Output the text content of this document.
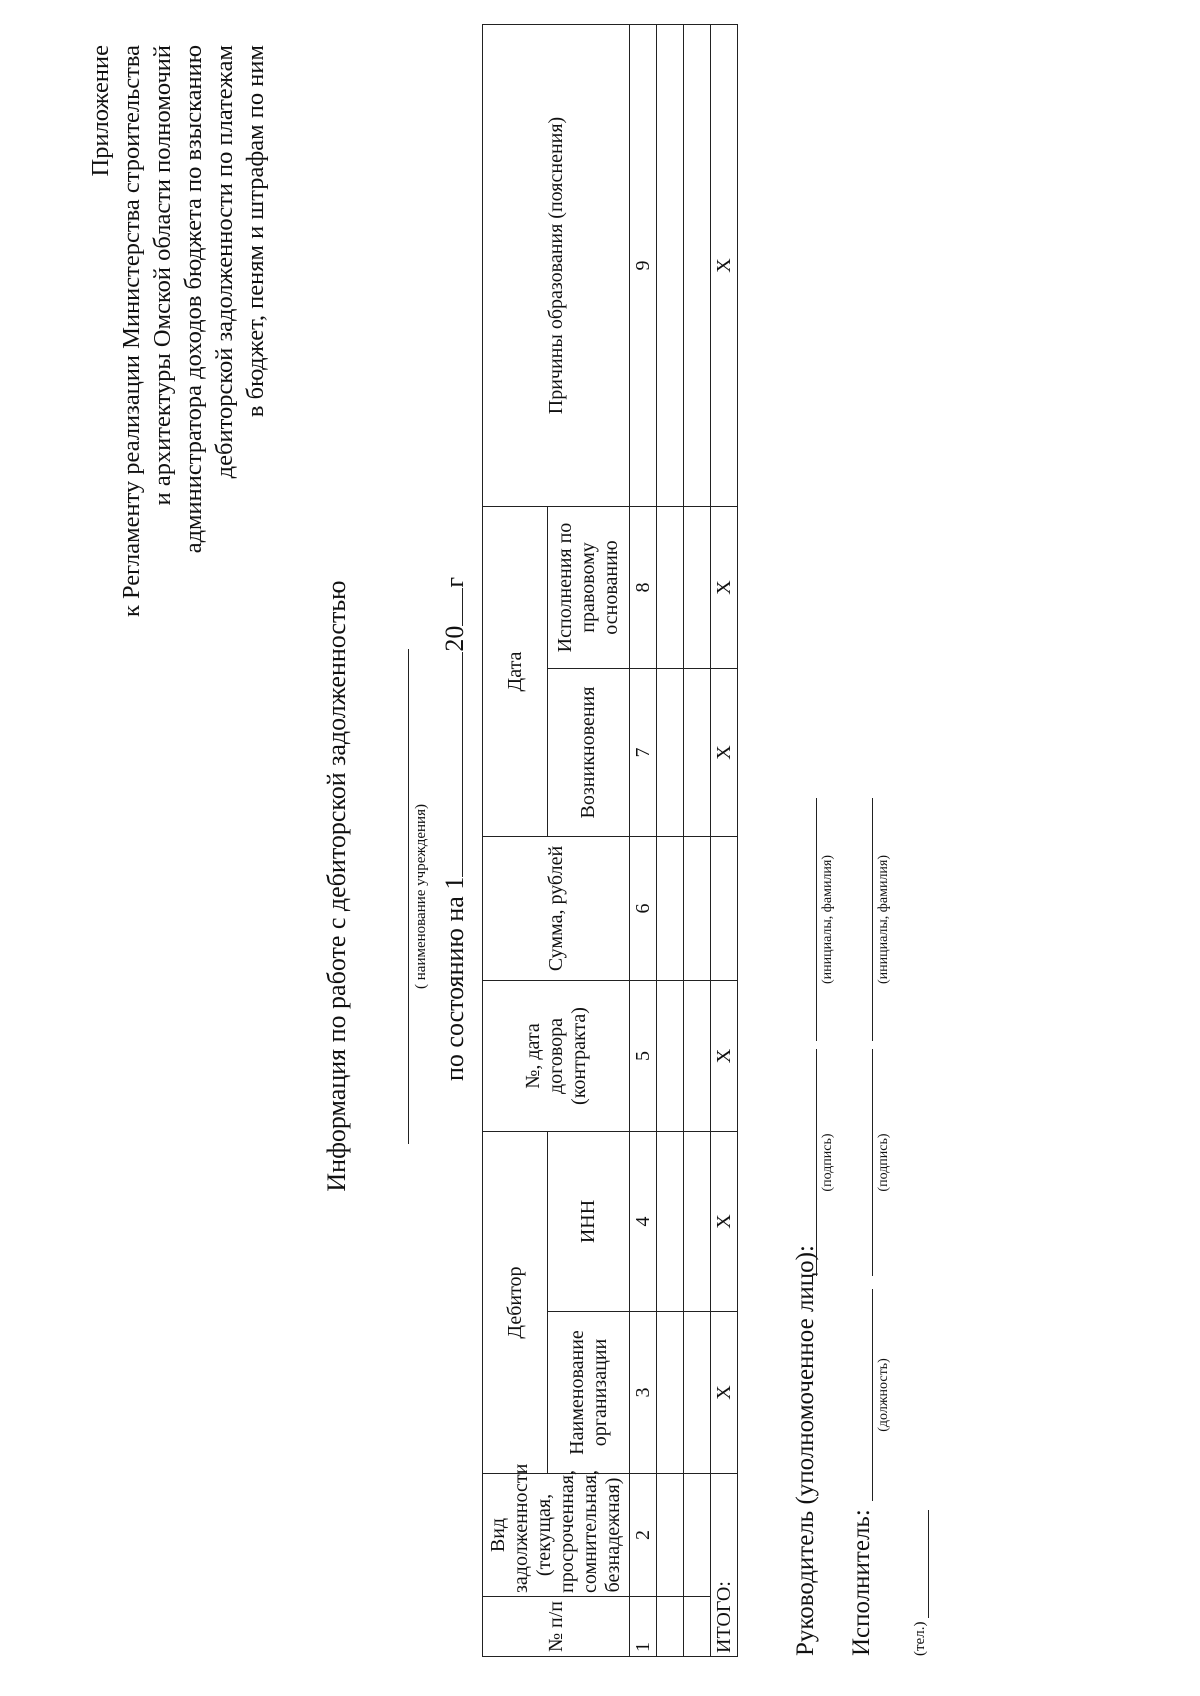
Приложение к Регламенту реализации Министерства строительства и архитектуры Омской области полномочий администратора доходов бюджета по взысканию дебиторской задолженности по платежам в бюджет, пеням и штрафам по ним
Информация по работе с дебиторской задолженностью	( наименование учреждения) по состоянию на 120г
№ п/п	Вид задолженности (текущая, просроченная, сомнительная, безнадежная)	Дебитор		№, дата договора (контракта)	Сумма, рублей	Дата		Причины образования (пояснения)
		Наименование организации	ИНН			Возникновения	Исполнения по правовому основанию	
1	2	3	4	5	6	7	8	9

ИТОГО:		X	X	X		X	X	X
Руководитель (уполномоченное лицо):
(подпись)
(инициалы, фамилия)
Исполнитель:
(должность)
(подпись)
(инициалы, фамилия)
(тел.)
